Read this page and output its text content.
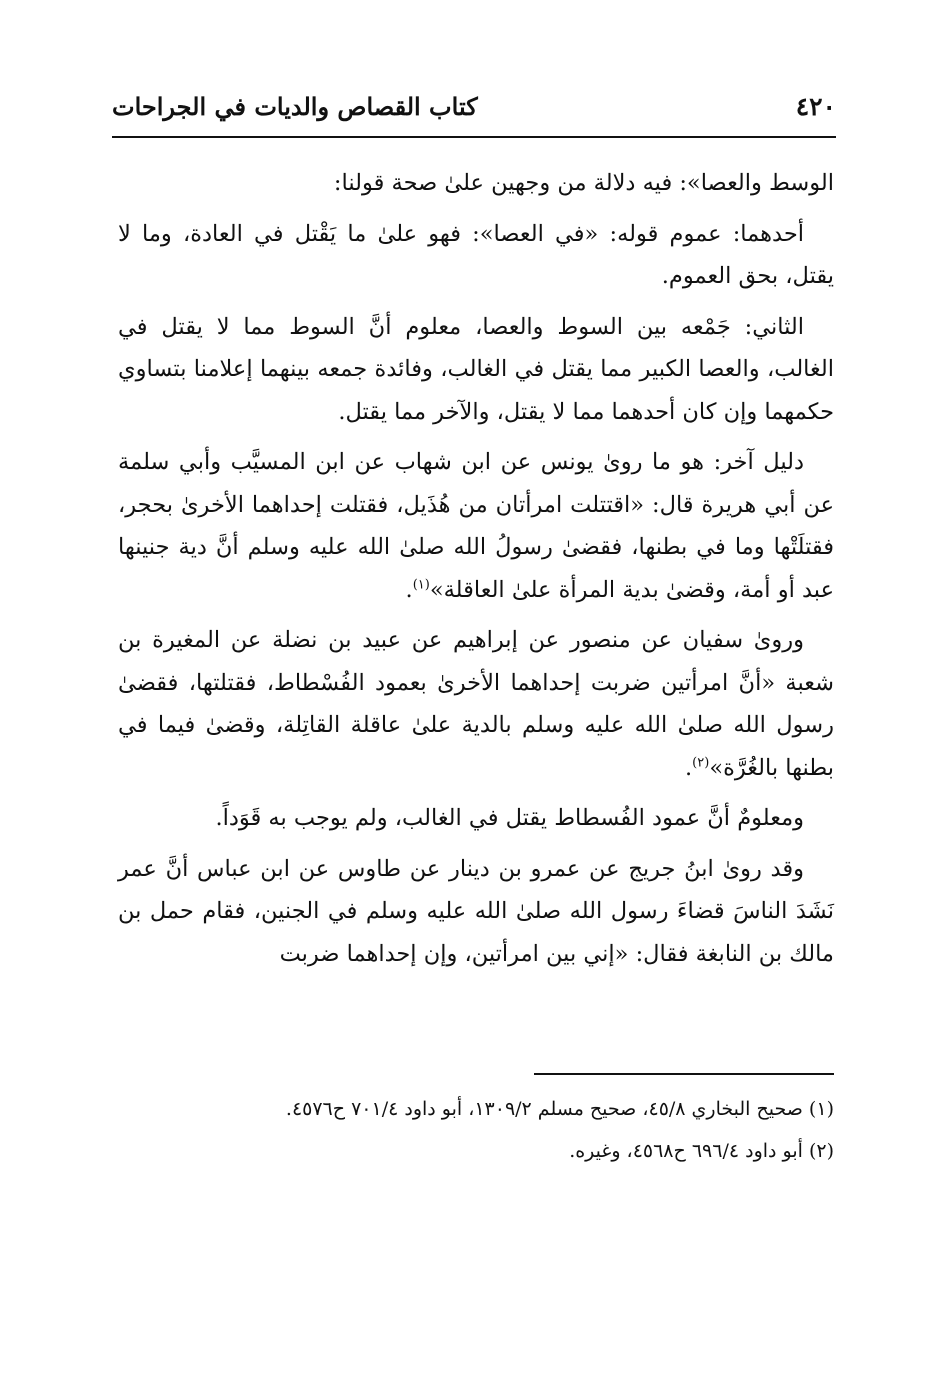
٤٢٠
كتاب القصاص والديات في الجراحات

الوسط والعصا»: فيه دلالة من وجهين علىٰ صحة قولنا:

أحدهما: عموم قوله: «في العصا»: فهو علىٰ ما يَقْتل في العادة، وما لا يقتل، بحق العموم.

الثاني: جَمْعه بين السوط والعصا، معلوم أنَّ السوط مما لا يقتل في الغالب، والعصا الكبير مما يقتل في الغالب، وفائدة جمعه بينهما إعلامنا بتساوي حكمهما وإن كان أحدهما مما لا يقتل، والآخر مما يقتل.

دليل آخر: هو ما روىٰ يونس عن ابن شهاب عن ابن المسيَّب وأبي سلمة عن أبي هريرة قال: «اقتتلت امرأتان من هُذَيل، فقتلت إحداهما الأخرىٰ بحجر، فقتلَتْها وما في بطنها، فقضىٰ رسولُ الله صلىٰ الله عليه وسلم أنَّ دية جنينها عبد أو أمة، وقضىٰ بدية المرأة علىٰ العاقلة»$^{(١)}$.

وروىٰ سفيان عن منصور عن إبراهيم عن عبيد بن نضلة عن المغيرة بن شعبة «أنَّ امرأتين ضربت إحداهما الأخرىٰ بعمود الفُسْطاط، فقتلتها، فقضىٰ رسول الله صلىٰ الله عليه وسلم بالدية علىٰ عاقلة القاتِلة، وقضىٰ فيما في بطنها بالغُرَّة»$^{(٢)}$.

ومعلومٌ أنَّ عمود الفُسطاط يقتل في الغالب، ولم يوجب به قَوَداً.

وقد روىٰ ابنُ جريج عن عمرو بن دينار عن طاوس عن ابن عباس أنَّ عمر نَشَدَ الناسَ قضاءَ رسول الله صلىٰ الله عليه وسلم في الجنين، فقام حمل بن مالك بن النابغة فقال: «إني بين امرأتين، وإن إحداهما ضربت

(١) صحيح البخاري ٤٥/٨، صحيح مسلم ١٣٠٩/٢، أبو داود ٧٠١/٤ ح٤٥٧٦.

(٢) أبو داود ٦٩٦/٤ ح٤٥٦٨، وغيره.
